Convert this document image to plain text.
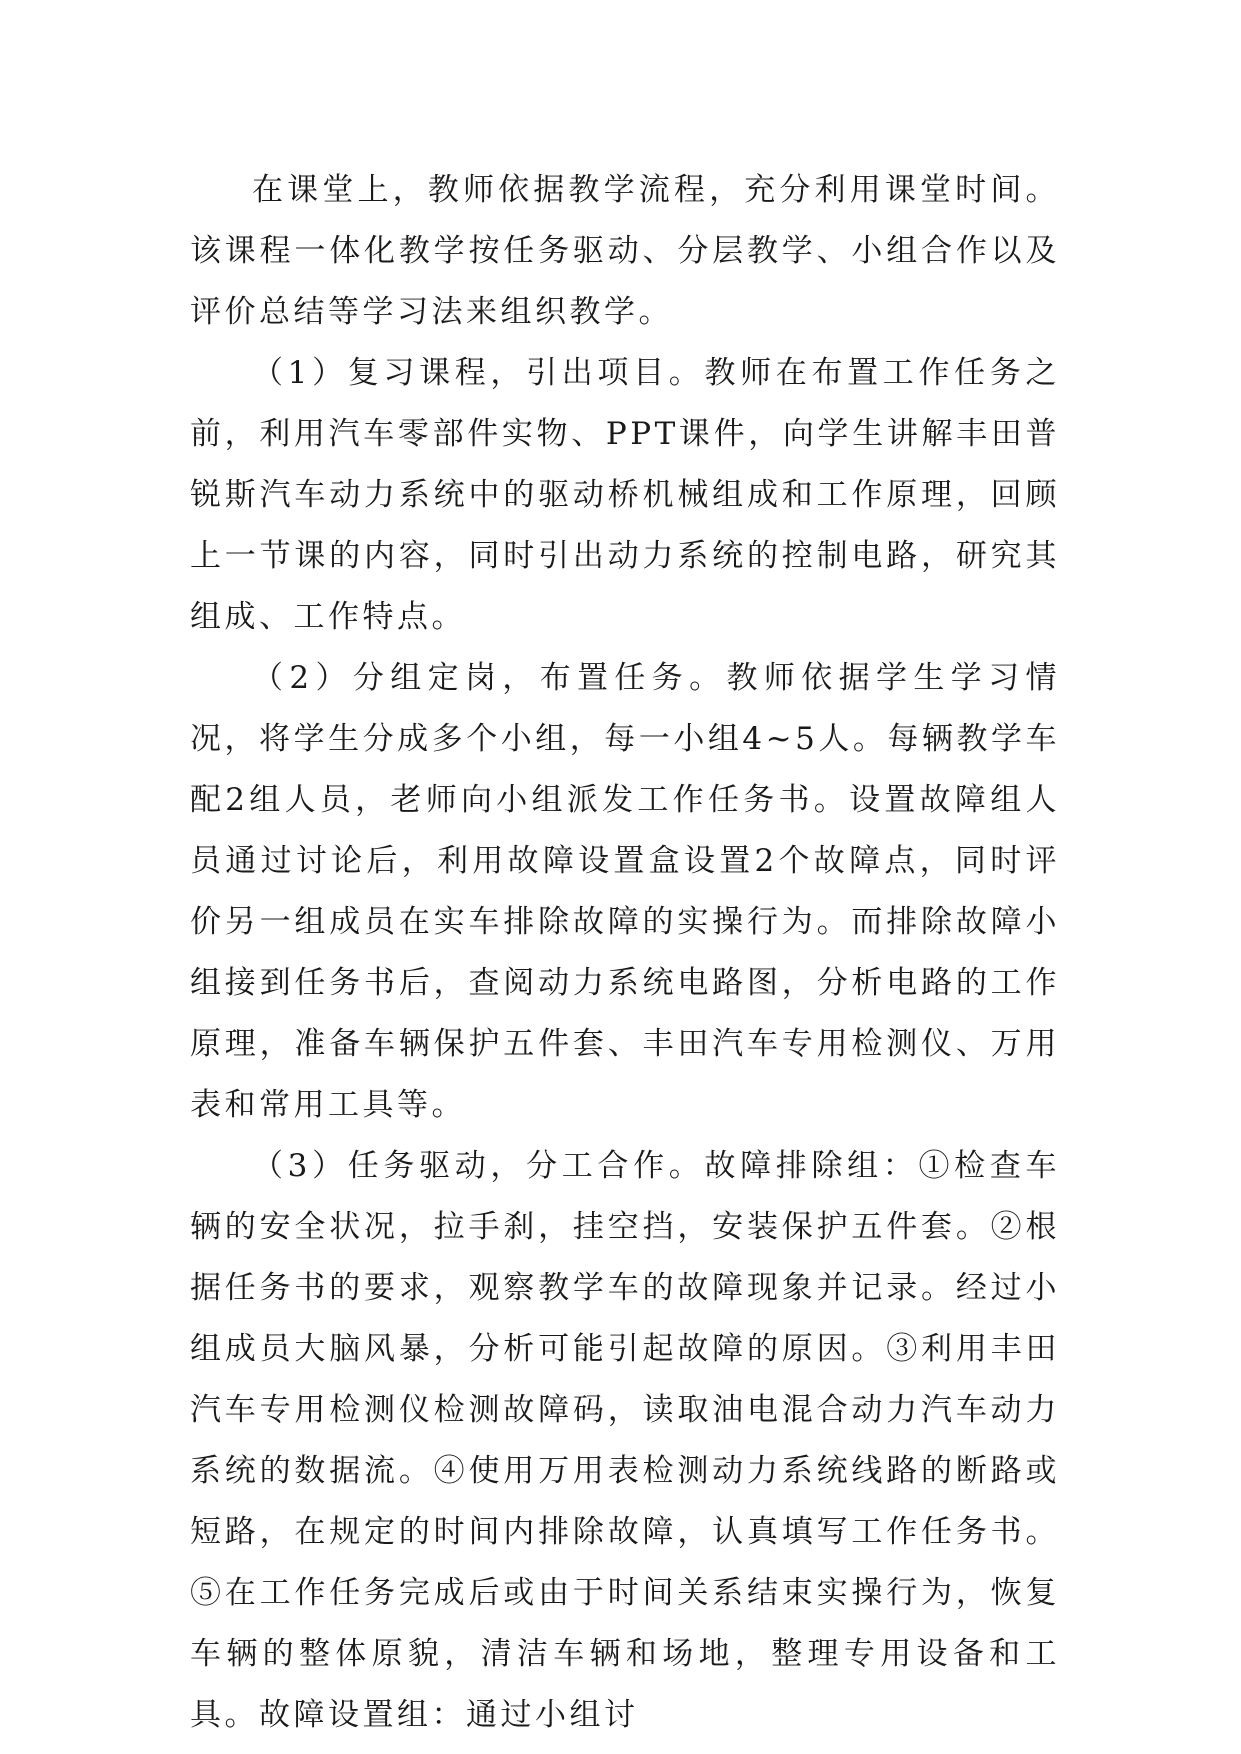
在课堂上，教师依据教学流程，充分利用课堂时间。该课程一体化教学按任务驱动、分层教学、小组合作以及评价总结等学习法来组织教学。

（1）复习课程，引出项目。教师在布置工作任务之前，利用汽车零部件实物、PPT课件，向学生讲解丰田普锐斯汽车动力系统中的驱动桥机械组成和工作原理，回顾上一节课的内容，同时引出动力系统的控制电路，研究其组成、工作特点。

（2）分组定岗，布置任务。教师依据学生学习情况，将学生分成多个小组，每一小组4~5人。每辆教学车配2组人员，老师向小组派发工作任务书。设置故障组人员通过讨论后，利用故障设置盒设置2个故障点，同时评价另一组成员在实车排除故障的实操行为。而排除故障小组接到任务书后，查阅动力系统电路图，分析电路的工作原理，准备车辆保护五件套、丰田汽车专用检测仪、万用表和常用工具等。

（3）任务驱动，分工合作。故障排除组：①检查车辆的安全状况，拉手刹，挂空挡，安装保护五件套。②根据任务书的要求，观察教学车的故障现象并记录。经过小组成员大脑风暴，分析可能引起故障的原因。③利用丰田汽车专用检测仪检测故障码，读取油电混合动力汽车动力系统的数据流。④使用万用表检测动力系统线路的断路或短路，在规定的时间内排除故障，认真填写工作任务书。⑤在工作任务完成后或由于时间关系结束实操行为，恢复车辆的整体原貌，清洁车辆和场地，整理专用设备和工具。故障设置组：通过小组讨
